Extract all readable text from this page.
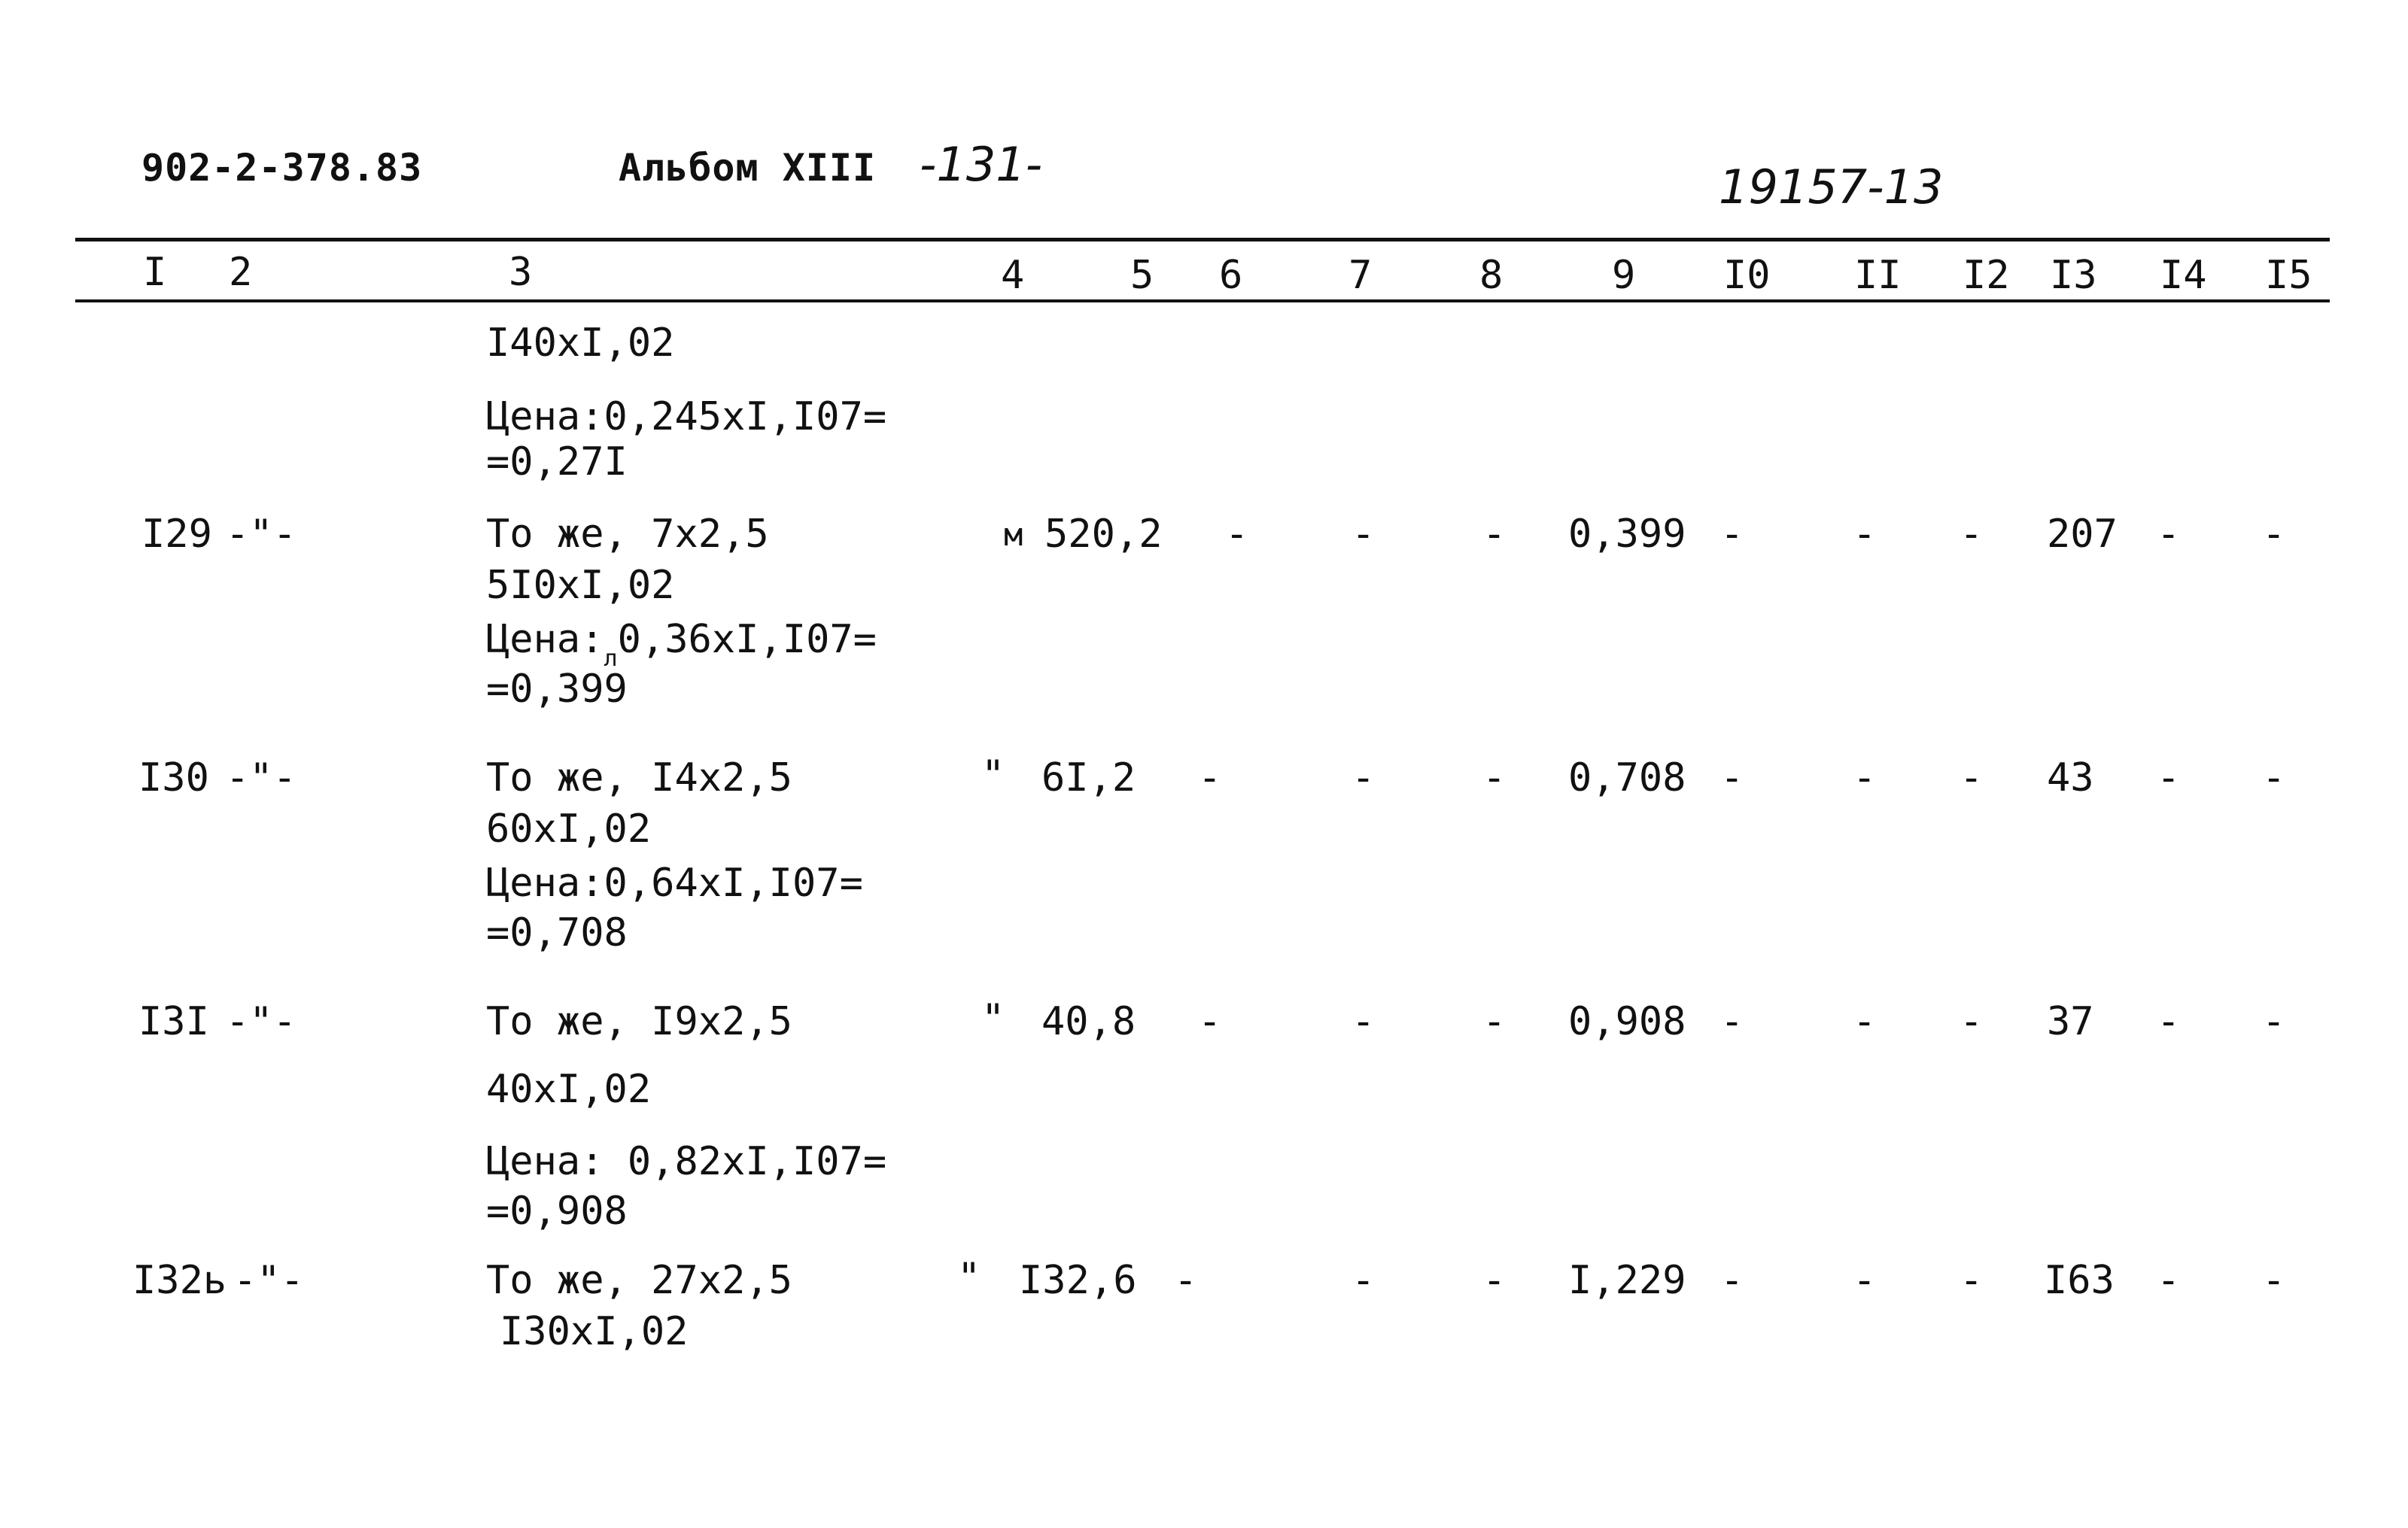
902-2-378.83	Альбом XIII -131-	19157-13
I 2	3	4	5 6	7	8	9 I0 II I2 I3 I4 I5
I40xI,02
Цена:0,245xI,I07=
=0,27I
I29 -"-	То же, 7х2,5
5I0xI,02
$Цена:_л0,36xI,I07=$
=0,399
м 520,2 -	-	- 0,399 -	- - 207 - -
I30 -"-	То же, I4х2,5
60xI,02
Цена:0,64xI,I07=
=0,708
" 6I,2 -	-	- 0,708 -	- - 43 - -
I3I -"-	То же, I9х2,5
40xI,02
Цена: 0,82xI,I07=
=0,908
" 40,8 -	-	- 0,908 -	- - 37 - -
I32ь -"-	То же, 27х2,5
I30xI,02
" I32,6 -	-	- I,229 -	- - I63 - -
